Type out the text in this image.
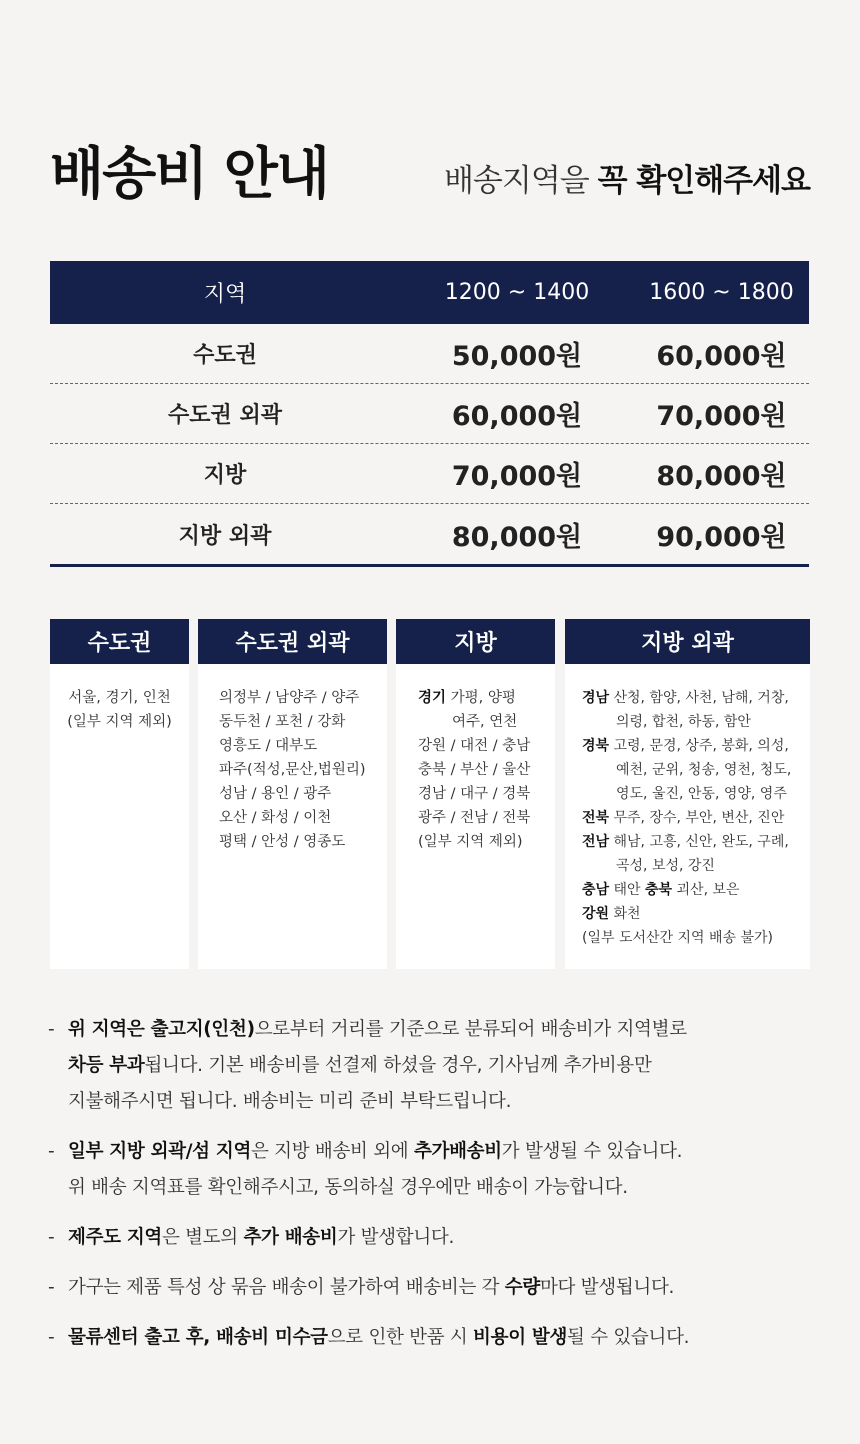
배송비 안내	배송지역을 꼭 확인해주세요
지역	1200 ~ 1400	1600 ~ 1800
수도권	50,000원	60,000원
수도권 외곽	60,000원	70,000원
지방	70,000원	80,000원
지방 외곽	80,000원	90,000원
수도권
서울, 경기, 인천
(일부 지역 제외)
수도권 외곽
의정부 / 남양주 / 양주
동두천 / 포천 / 강화
영흥도 / 대부도
파주(적성,문산,법원리)
성남 / 용인 / 광주
오산 / 화성 / 이천
평택 / 안성 / 영종도
지방
경기 가평, 양평
여주, 연천
강원 / 대전 / 충남
충북 / 부산 / 울산
경남 / 대구 / 경북
광주 / 전남 / 전북
(일부 지역 제외)
지방 외곽
경남 산청, 함양, 사천, 남해, 거창,
의령, 합천, 하동, 함안
경북 고령, 문경, 상주, 봉화, 의성,
예천, 군위, 청송, 영천, 청도,
영도, 울진, 안동, 영양, 영주
전북 무주, 장수, 부안, 변산, 진안
전남 해남, 고흥, 신안, 완도, 구례,
곡성, 보성, 강진
충남 태안 충북 괴산, 보은
강원 화천
(일부 도서산간 지역 배송 불가)
- 위 지역은 출고지(인천)으로부터 거리를 기준으로 분류되어 배송비가 지역별로
차등 부과됩니다. 기본 배송비를 선결제 하셨을 경우, 기사님께 추가비용만
지불해주시면 됩니다. 배송비는 미리 준비 부탁드립니다.
- 일부 지방 외곽/섬 지역은 지방 배송비 외에 추가배송비가 발생될 수 있습니다.
위 배송 지역표를 확인해주시고, 동의하실 경우에만 배송이 가능합니다.
- 제주도 지역은 별도의 추가 배송비가 발생합니다.
- 가구는 제품 특성 상 묶음 배송이 불가하여 배송비는 각 수량마다 발생됩니다.
- 물류센터 출고 후, 배송비 미수금으로 인한 반품 시 비용이 발생될 수 있습니다.
